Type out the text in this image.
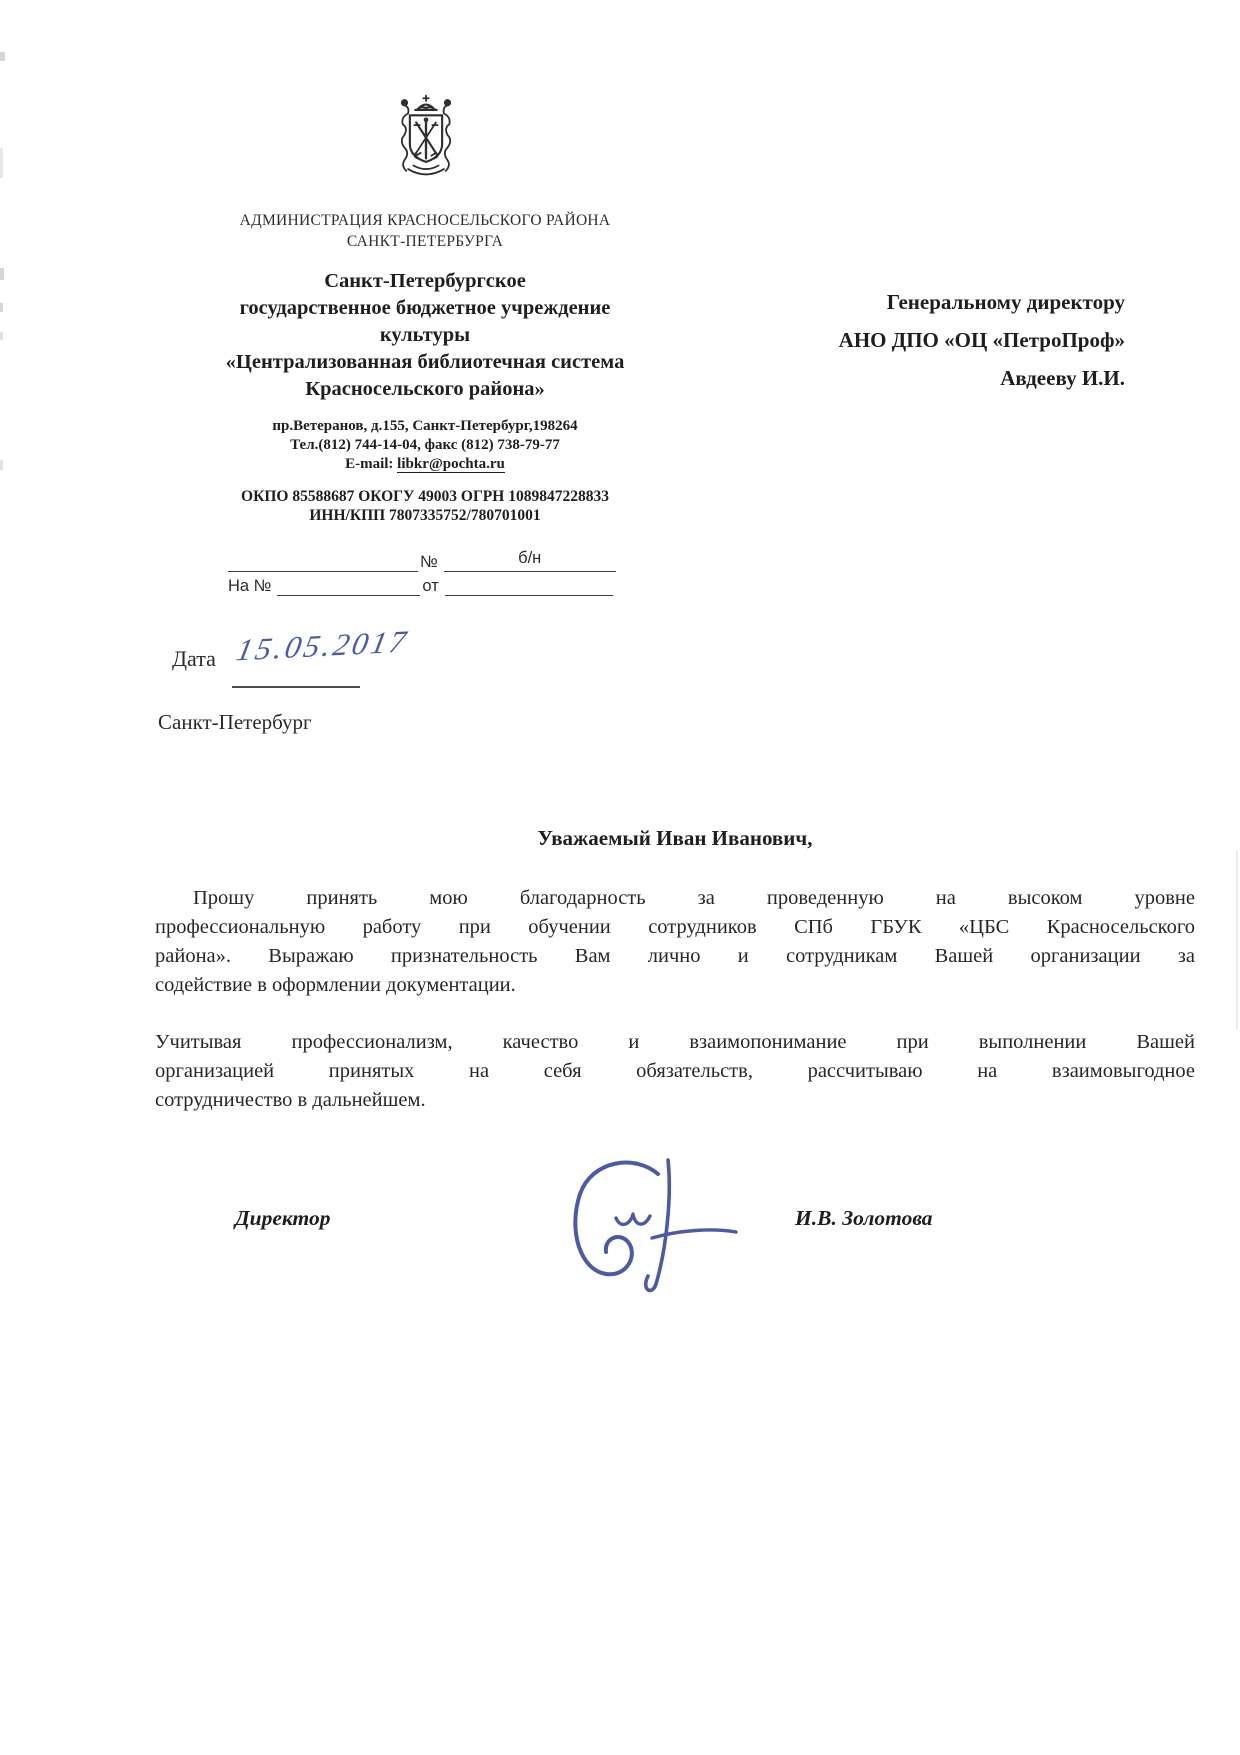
АДМИНИСТРАЦИЯ КРАСНОСЕЛЬСКОГО РАЙОНА
САНКТ-ПЕТЕРБУРГА
Санкт-Петербургское
государственное бюджетное учреждение
культуры
«Централизованная библиотечная система
Красносельского района»
пр.Ветеранов, д.155, Санкт-Петербург,198264
Тел.(812) 744-14-04, факс (812) 738-79-77
E-mail: libkr@pochta.ru
ОКПО 85588687 ОКОГУ 49003 ОГРН 1089847228833
ИНН/КПП 7807335752/780701001
№	б/н
На №	от
Генеральному директору
АНО ДПО «ОЦ «ПетроПроф»
Авдееву И.И.
Дата 15.05.2017
Санкт-Петербург
Уважаемый Иван Иванович,
Прошу принять мою благодарность за проведенную на высоком уровне
профессиональную работу при обучении сотрудников СПб ГБУК «ЦБС Красносельского
района». Выражаю признательность Вам лично и сотрудникам Вашей организации за
содействие в оформлении документации.
Учитывая профессионализм, качество и взаимопонимание при выполнении Вашей
организацией принятых на себя обязательств, рассчитываю на взаимовыгодное
сотрудничество в дальнейшем.
Директор	И.В. Золотова
